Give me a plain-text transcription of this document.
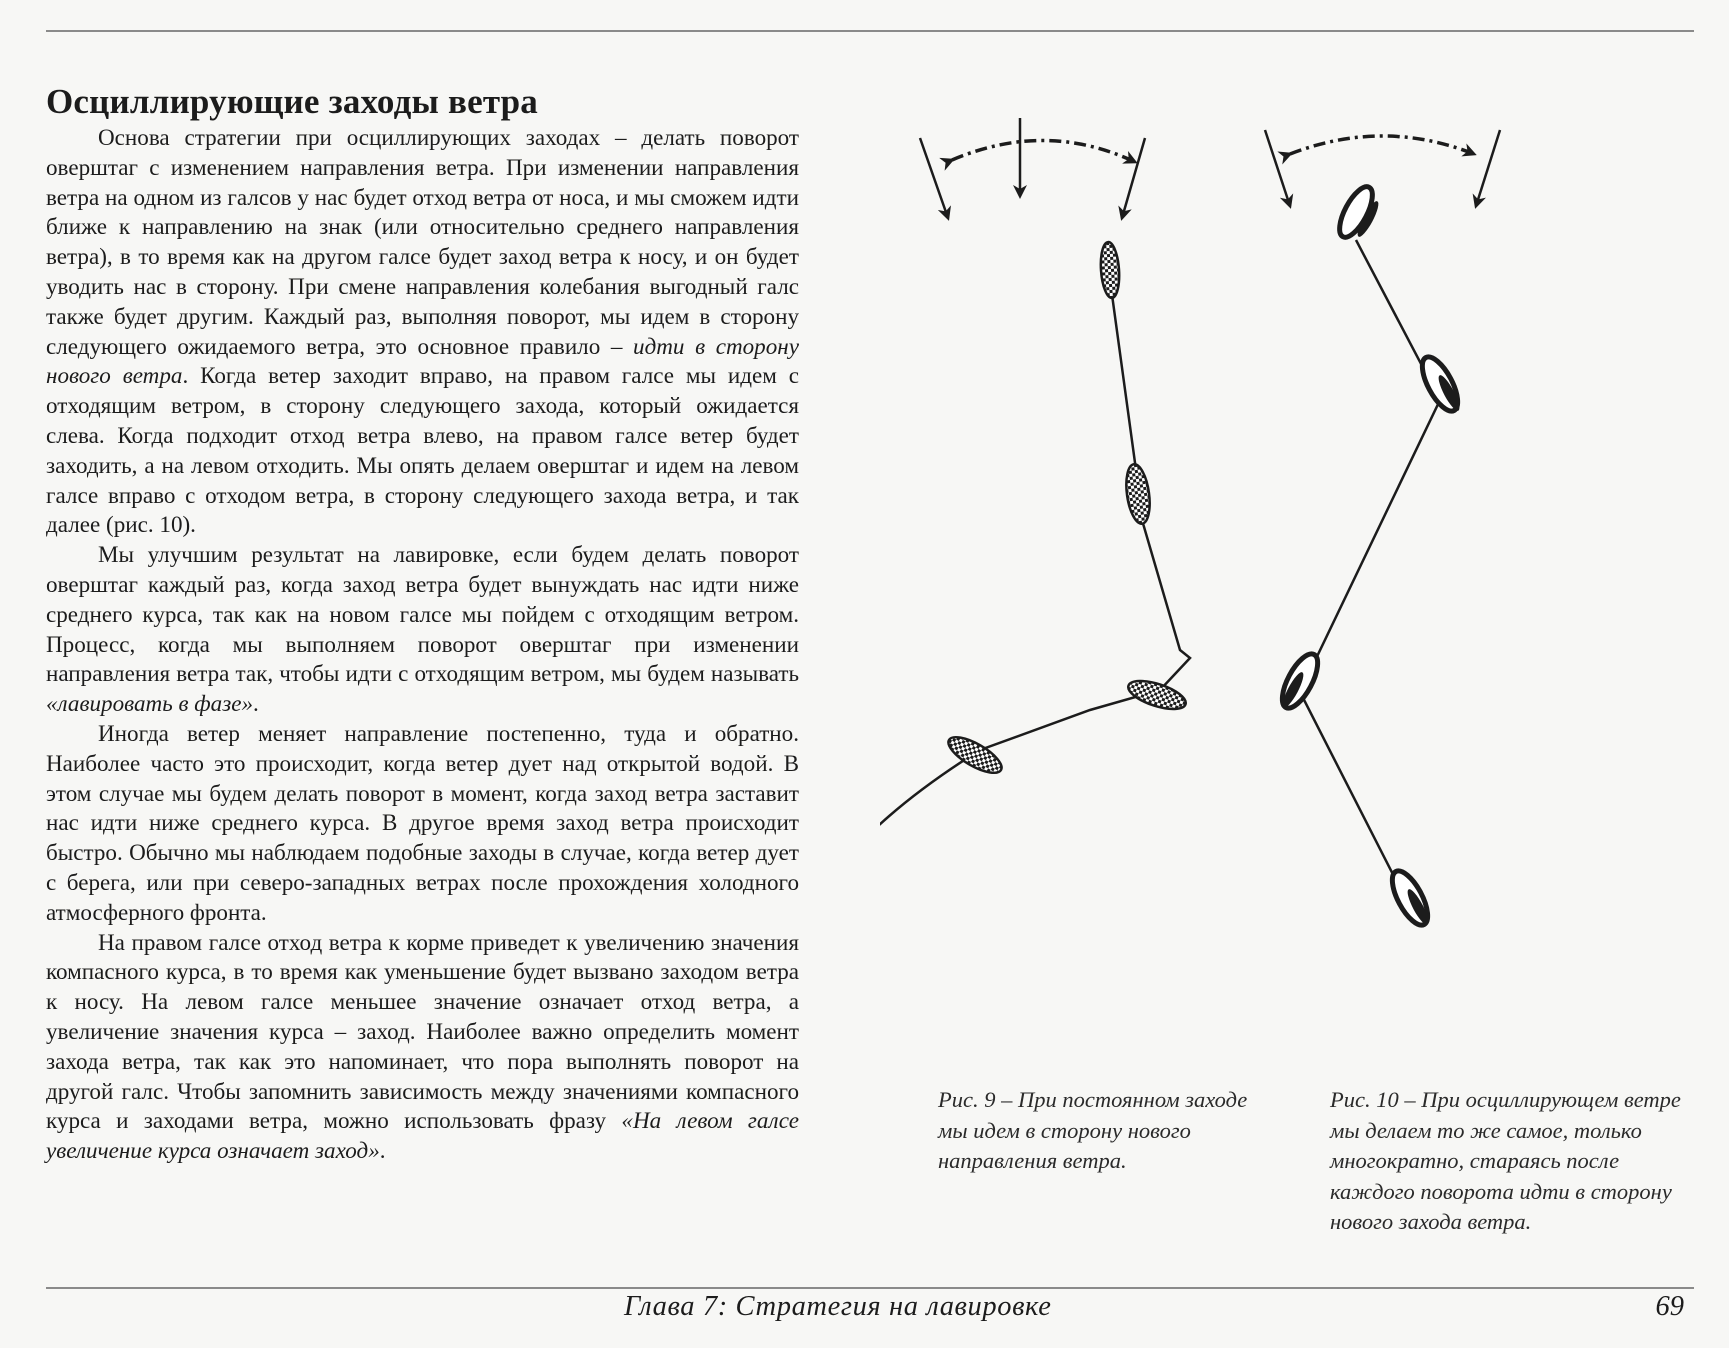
Осциллирующие заходы ветра

Основа стратегии при осциллирующих заходах – делать поворот оверштаг с изменением направления ветра. При изменении направления ветра на одном из галсов у нас будет отход ветра от носа, и мы сможем идти ближе к направлению на знак (или относительно среднего направления ветра), в то время как на другом галсе будет заход ветра к носу, и он будет уводить нас в сторону. При смене направления колебания выгодный галс также будет другим. Каждый раз, выполняя поворот, мы идем в сторону следующего ожидаемого ветра, это основное правило – идти в сторону нового ветра. Когда ветер заходит вправо, на правом галсе мы идем с отходящим ветром, в сторону следующего захода, который ожидается слева. Когда подходит отход ветра влево, на правом галсе ветер будет заходить, а на левом отходить. Мы опять делаем оверштаг и идем на левом галсе вправо с отходом ветра, в сторону следующего захода ветра, и так далее (рис. 10).

Мы улучшим результат на лавировке, если будем делать поворот оверштаг каждый раз, когда заход ветра будет вынуждать нас идти ниже среднего курса, так как на новом галсе мы пойдем с отходящим ветром. Процесс, когда мы выполняем поворот оверштаг при изменении направления ветра так, чтобы идти с отходящим ветром, мы будем называть «лавировать в фазе».

Иногда ветер меняет направление постепенно, туда и обратно. Наиболее часто это происходит, когда ветер дует над открытой водой. В этом случае мы будем делать поворот в момент, когда заход ветра заставит нас идти ниже среднего курса. В другое время заход ветра происходит быстро. Обычно мы наблюдаем подобные заходы в случае, когда ветер дует с берега, или при северо-западных ветрах после прохождения холодного атмосферного фронта.

На правом галсе отход ветра к корме приведет к увеличению значения компасного курса, в то время как уменьшение будет вызвано заходом ветра к носу. На левом галсе меньшее значение означает отход ветра, а увеличение значения курса – заход. Наиболее важно определить момент захода ветра, так как это напоминает, что пора выполнять поворот на другой галс. Чтобы запомнить зависимость между значениями компасного курса и заходами ветра, можно использовать фразу «На левом галсе увеличение курса означает заход».

Рис. 9 – При постоянном заходе мы идем в сторону нового направления ветра.
Рис. 10 – При осциллирующем ветре мы делаем то же самое, только многократно, стараясь после каждого поворота идти в сторону нового захода ветра.
Глава 7: Стратегия на лавировке	69
